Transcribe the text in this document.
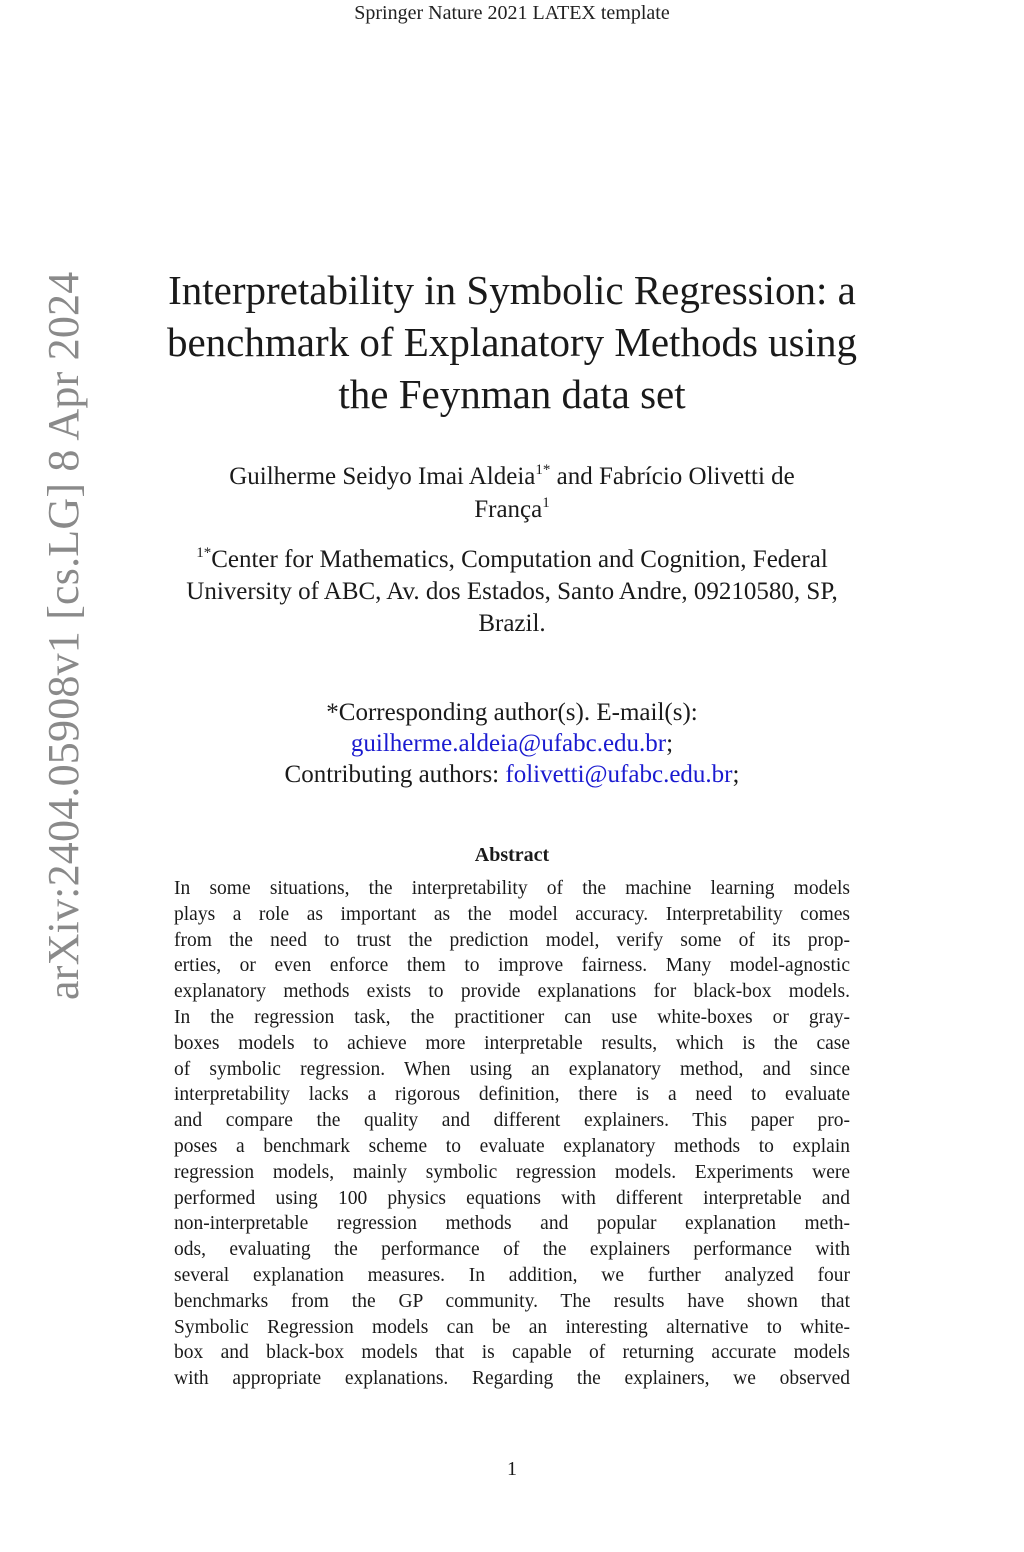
Springer Nature 2021 LATEX template
arXiv:2404.05908v1 [cs.LG] 8 Apr 2024	Interpretability in Symbolic Regression: a
benchmark of Explanatory Methods using
the Feynman data set
Guilherme Seidyo Imai Aldeia$^{1*}$ and Fabrício Olivetti de
França$^1$
$^{1*}$Center for Mathematics, Computation and Cognition, Federal
University of ABC, Av. dos Estados, Santo Andre, 09210580, SP,
Brazil.
*Corresponding author(s). E-mail(s):
guilherme.aldeia@ufabc.edu.br;
Contributing authors: folivetti@ufabc.edu.br;
Abstract
In some situations, the interpretability of the machine learning models
plays a role as important as the model accuracy. Interpretability comes
from the need to trust the prediction model, verify some of its prop-
erties, or even enforce them to improve fairness. Many model-agnostic
explanatory methods exists to provide explanations for black-box models.
In the regression task, the practitioner can use white-boxes or gray-
boxes models to achieve more interpretable results, which is the case
of symbolic regression. When using an explanatory method, and since
interpretability lacks a rigorous definition, there is a need to evaluate
and compare the quality and different explainers. This paper pro-
poses a benchmark scheme to evaluate explanatory methods to explain
regression models, mainly symbolic regression models. Experiments were
performed using 100 physics equations with different interpretable and
non-interpretable regression methods and popular explanation meth-
ods, evaluating the performance of the explainers performance with
several explanation measures. In addition, we further analyzed four
benchmarks from the GP community. The results have shown that
Symbolic Regression models can be an interesting alternative to white-
box and black-box models that is capable of returning accurate models
with appropriate explanations. Regarding the explainers, we observed
1
